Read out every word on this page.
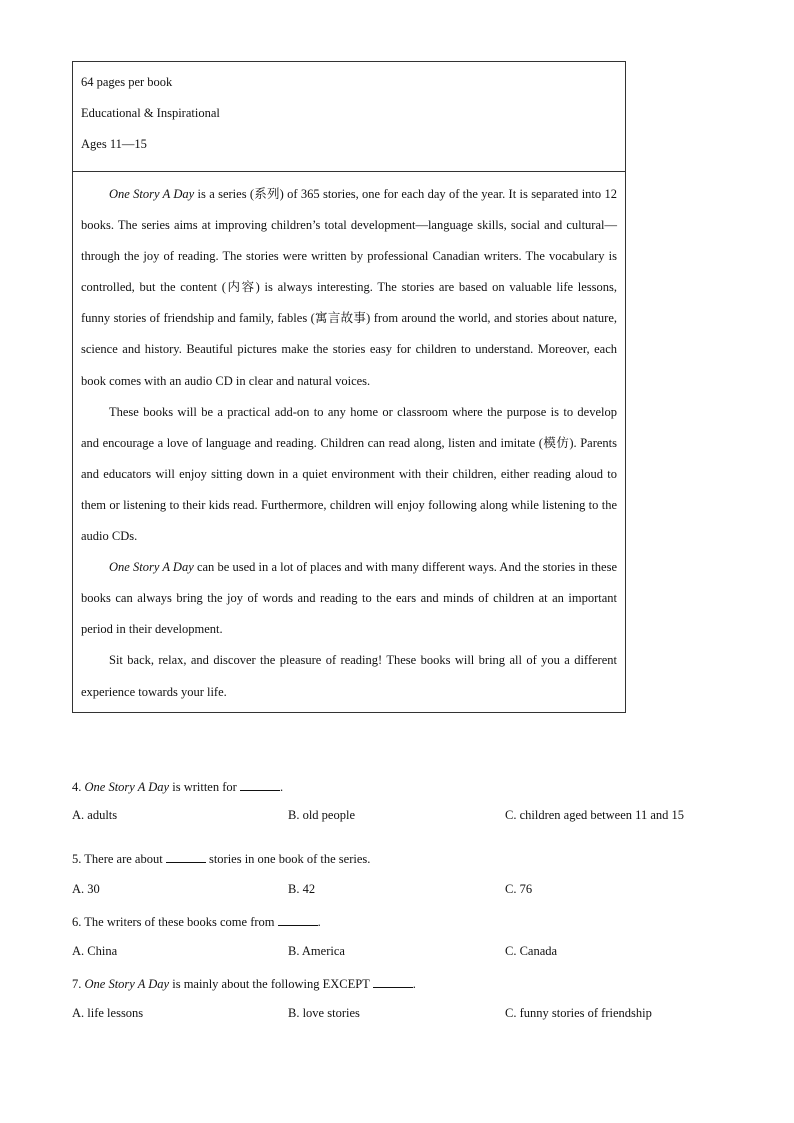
64 pages per book
Educational & Inspirational
Ages 11—15

One Story A Day is a series (系列) of 365 stories, one for each day of the year. It is separated into 12 books. The series aims at improving children’s total development—language skills, social and cultural—through the joy of reading. The stories were written by professional Canadian writers. The vocabulary is controlled, but the content (内容) is always interesting. The stories are based on valuable life lessons, funny stories of friendship and family, fables (寓言故事) from around the world, and stories about nature, science and history. Beautiful pictures make the stories easy for children to understand. Moreover, each book comes with an audio CD in clear and natural voices.

These books will be a practical add-on to any home or classroom where the purpose is to develop and encourage a love of language and reading. Children can read along, listen and imitate (模仿). Parents and educators will enjoy sitting down in a quiet environment with their children, either reading aloud to them or listening to their kids read. Furthermore, children will enjoy following along while listening to the audio CDs.

One Story A Day can be used in a lot of places and with many different ways. And the stories in these books can always bring the joy of words and reading to the ears and minds of children at an important period in their development.

Sit back, relax, and discover the pleasure of reading! These books will bring all of you a different experience towards your life.

4. One Story A Day is written for	.
A. adults	B. old people	C. children aged between 11 and 15
5. There are about	stories in one book of the series.
A. 30	B. 42	C. 76
6. The writers of these books come from	.
A. China	B. America	C. Canada
7. One Story A Day is mainly about the following EXCEPT	.
A. life lessons	B. love stories	C. funny stories of friendship
